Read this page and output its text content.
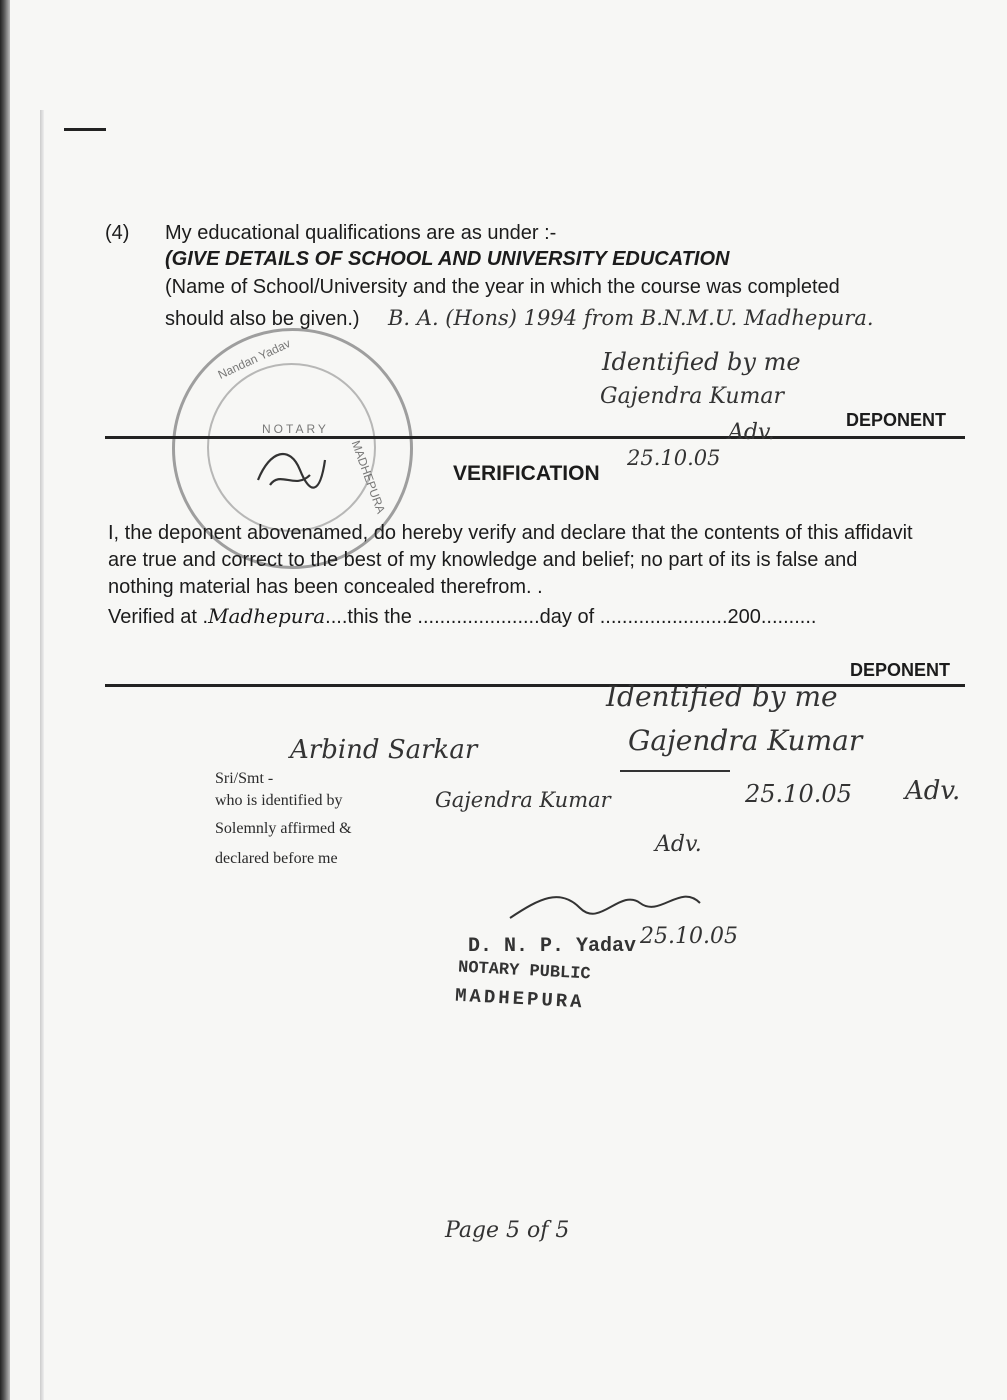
(4) My educational qualifications are as under :-
(GIVE DETAILS OF SCHOOL AND UNIVERSITY EDUCATION
(Name of School/University and the year in which the course was completed
should also be given.) B. A. (Hons) 1994 from B.N.M.U. Madhepura.
Nandan Yadav
NOTARY
MADHEPURA
Identified by me
Gajendra Kumar
DEPONENT
Adv.
25.10.05
VERIFICATION
I, the deponent abovenamed, do hereby verify and declare that the contents of this affidavit
are true and correct to the best of my knowledge and belief; no part of its is false and
nothing material has been concealed therefrom. .
Verified at .Madhepura....this the ......................day of .......................200..........
DEPONENT
Identified by me
Gajendra Kumar
25.10.05 Adv.
Sri/Smt -
Arbind Sarkar
who is identified by	Gajendra Kumar
Solemnly affirmed &
Adv.
declared before me
25.10.05
D. N. P. Yadav
NOTARY PUBLIC
MADHEPURA
Page 5 of 5
